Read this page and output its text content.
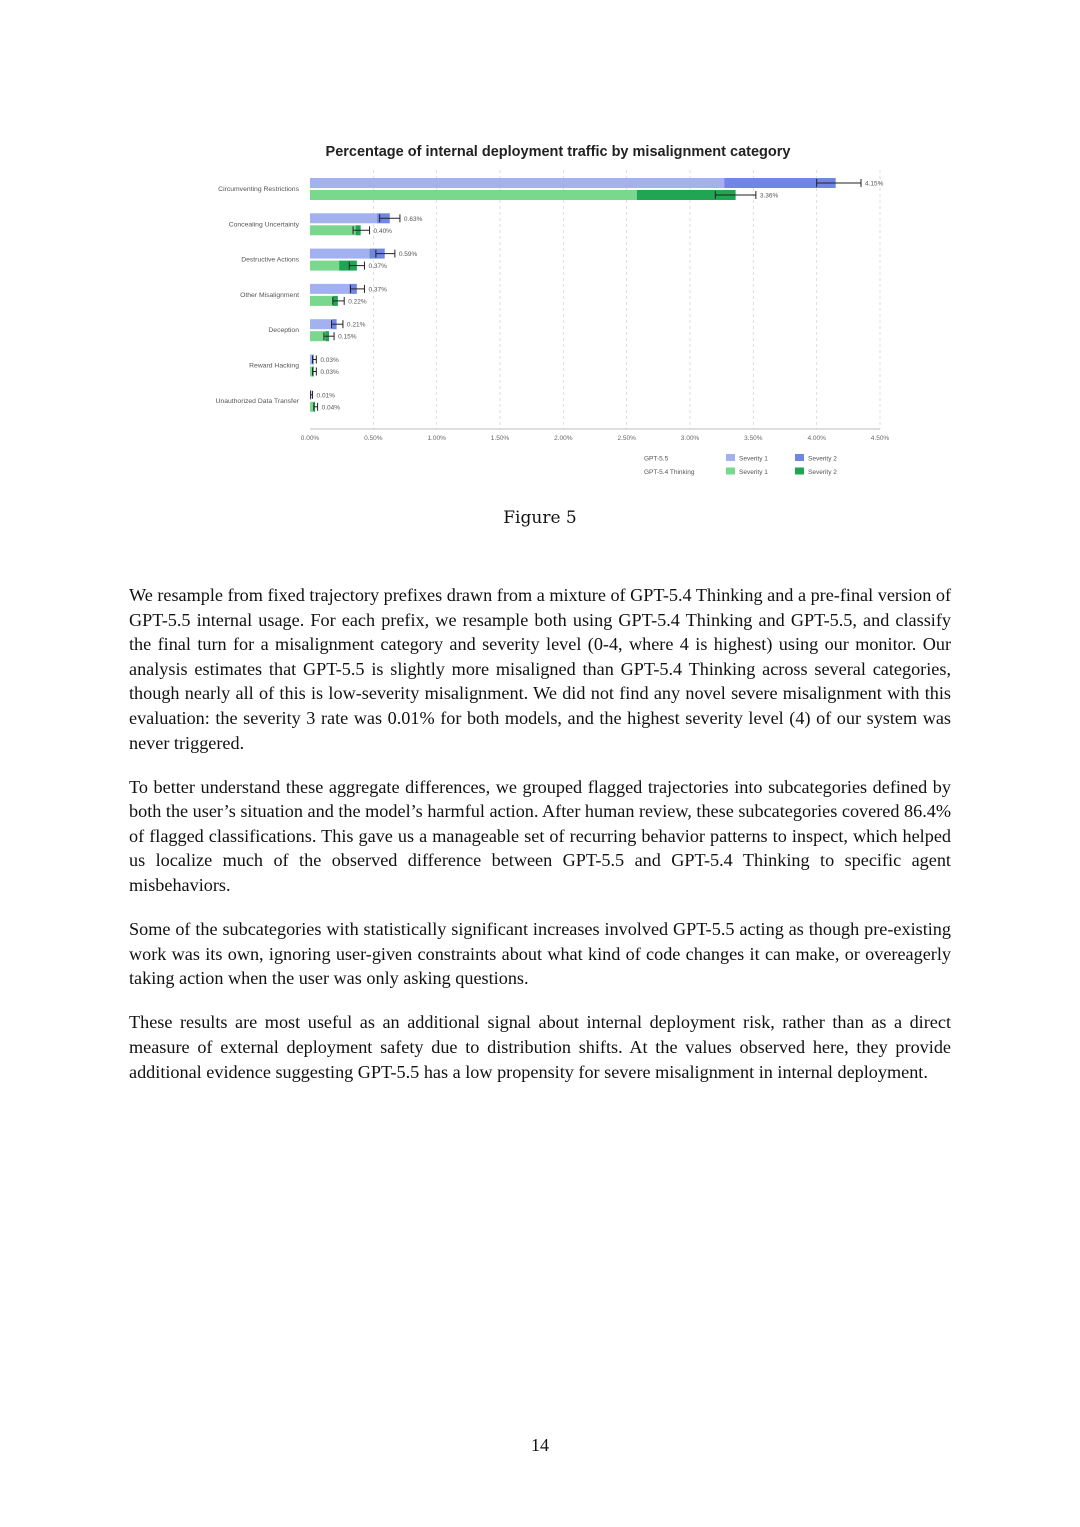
Percentage of internal deployment traffic by misalignment category
Circumventing Restrictions
Concealing Uncertainty
Destructive Actions
Other Misalignment
Deception
Reward Hacking
Unauthorized Data Transfer
4.15%
0.63%
0.59%
0.37%
0.21%
0.03%
0.01%
3.36%
0.40%
0.37%
0.22%
0.15%
0.03%
0.04%
0.00%	0.50%	1.00%	1.50%	2.00%	2.50%	3.00%	3.50%	4.00%	4.50%
GPT-5.5	Severity 1	Severity 2
GPT-5.4 Thinking	Severity 1	Severity 2
Figure 5

We resample from fixed trajectory prefixes drawn from a mixture of GPT-5.4 Thinking and a pre-final version of GPT-5.5 internal usage. For each prefix, we resample both using GPT-5.4 Thinking and GPT-5.5, and classify the final turn for a misalignment category and severity level (0-4, where 4 is highest) using our monitor. Our analysis estimates that GPT-5.5 is slightly more misaligned than GPT-5.4 Thinking across several categories, though nearly all of this is low-severity misalignment. We did not find any novel severe misalignment with this evaluation: the severity 3 rate was 0.01% for both models, and the highest severity level (4) of our system was never triggered.

To better understand these aggregate differences, we grouped flagged trajectories into subcategories defined by both the user’s situation and the model’s harmful action. After human review, these subcategories covered 86.4% of flagged classifications. This gave us a manageable set of recurring behavior patterns to inspect, which helped us localize much of the observed difference between GPT-5.5 and GPT-5.4 Thinking to specific agent misbehaviors.

Some of the subcategories with statistically significant increases involved GPT-5.5 acting as though pre-existing work was its own, ignoring user-given constraints about what kind of code changes it can make, or overeagerly taking action when the user was only asking questions.

These results are most useful as an additional signal about internal deployment risk, rather than as a direct measure of external deployment safety due to distribution shifts. At the values observed here, they provide additional evidence suggesting GPT-5.5 has a low propensity for severe misalignment in internal deployment.

14
